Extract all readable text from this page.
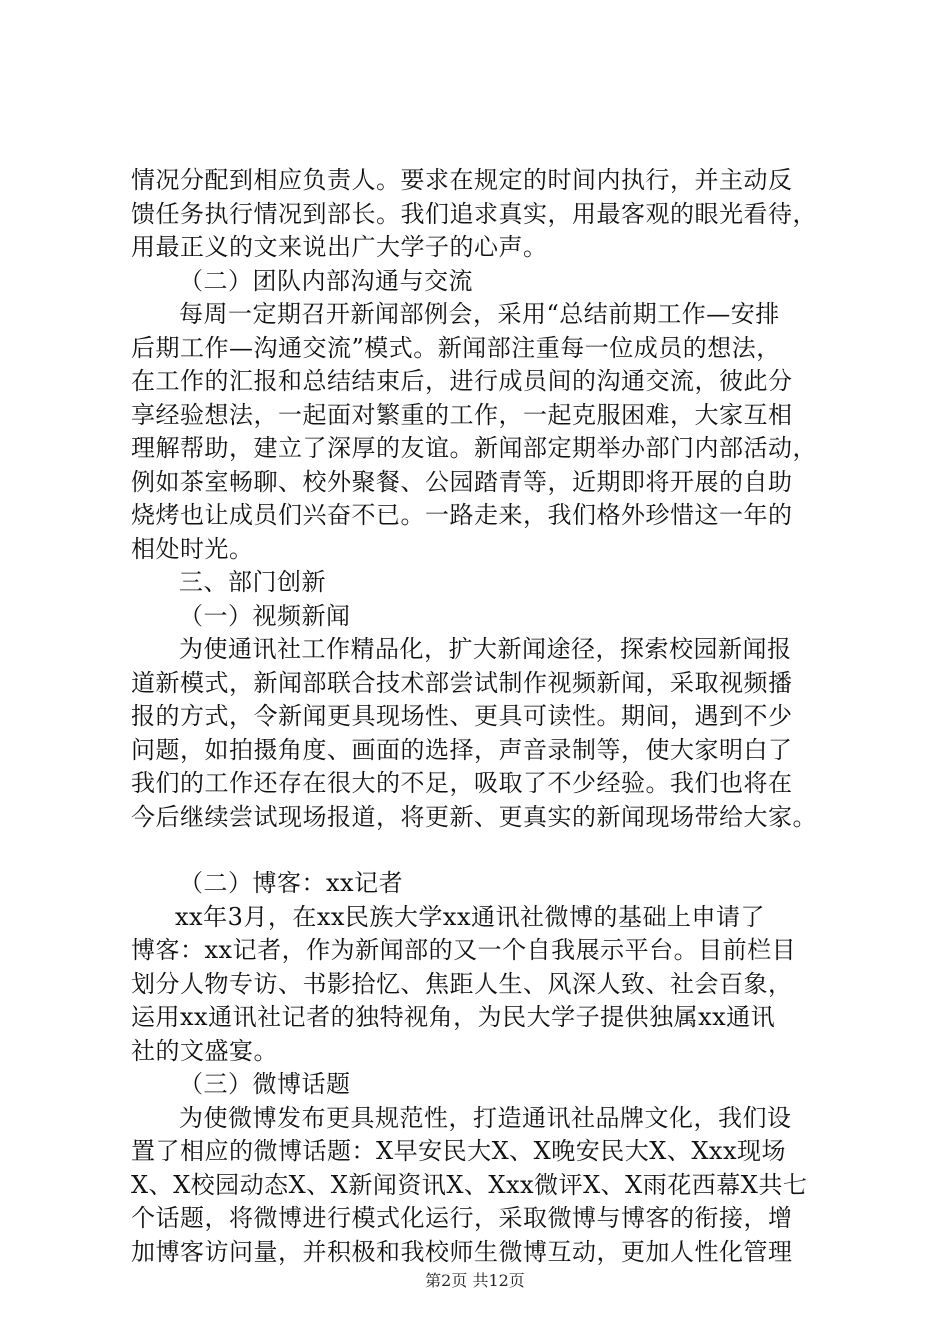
情况分配到相应负责人。要求在规定的时间内执行，并主动反
馈任务执行情况到部长。我们追求真实，用最客观的眼光看待，
用最正义的文来说出广大学子的心声。
（二）团队内部沟通与交流
每周一定期召开新闻部例会，采用“总结前期工作—安排
后期工作—沟通交流”模式。新闻部注重每一位成员的想法，
在工作的汇报和总结结束后，进行成员间的沟通交流，彼此分
享经验想法，一起面对繁重的工作，一起克服困难，大家互相
理解帮助，建立了深厚的友谊。新闻部定期举办部门内部活动，
例如茶室畅聊、校外聚餐、公园踏青等，近期即将开展的自助
烧烤也让成员们兴奋不已。一路走来，我们格外珍惜这一年的
相处时光。
三、部门创新
（一）视频新闻
为使通讯社工作精品化，扩大新闻途径，探索校园新闻报
道新模式，新闻部联合技术部尝试制作视频新闻，采取视频播
报的方式，令新闻更具现场性、更具可读性。期间，遇到不少
问题，如拍摄角度、画面的选择，声音录制等，使大家明白了
我们的工作还存在很大的不足，吸取了不少经验。我们也将在
今后继续尝试现场报道，将更新、更真实的新闻现场带给大家。
（二）博客：xx记者
xx年3月，在xx民族大学xx通讯社微博的基础上申请了
博客：xx记者，作为新闻部的又一个自我展示平台。目前栏目
划分人物专访、书影拾忆、焦距人生、风深人致、社会百象，
运用xx通讯社记者的独特视角，为民大学子提供独属xx通讯
社的文盛宴。
（三）微博话题
为使微博发布更具规范性，打造通讯社品牌文化，我们设
置了相应的微博话题：X早安民大X、X晚安民大X、Xxx现场
X、X校园动态X、X新闻资讯X、Xxx微评X、X雨花西幕X共七
个话题，将微博进行模式化运行，采取微博与博客的衔接，增
加博客访问量，并积极和我校师生微博互动，更加人性化管理
第2页 共12页
